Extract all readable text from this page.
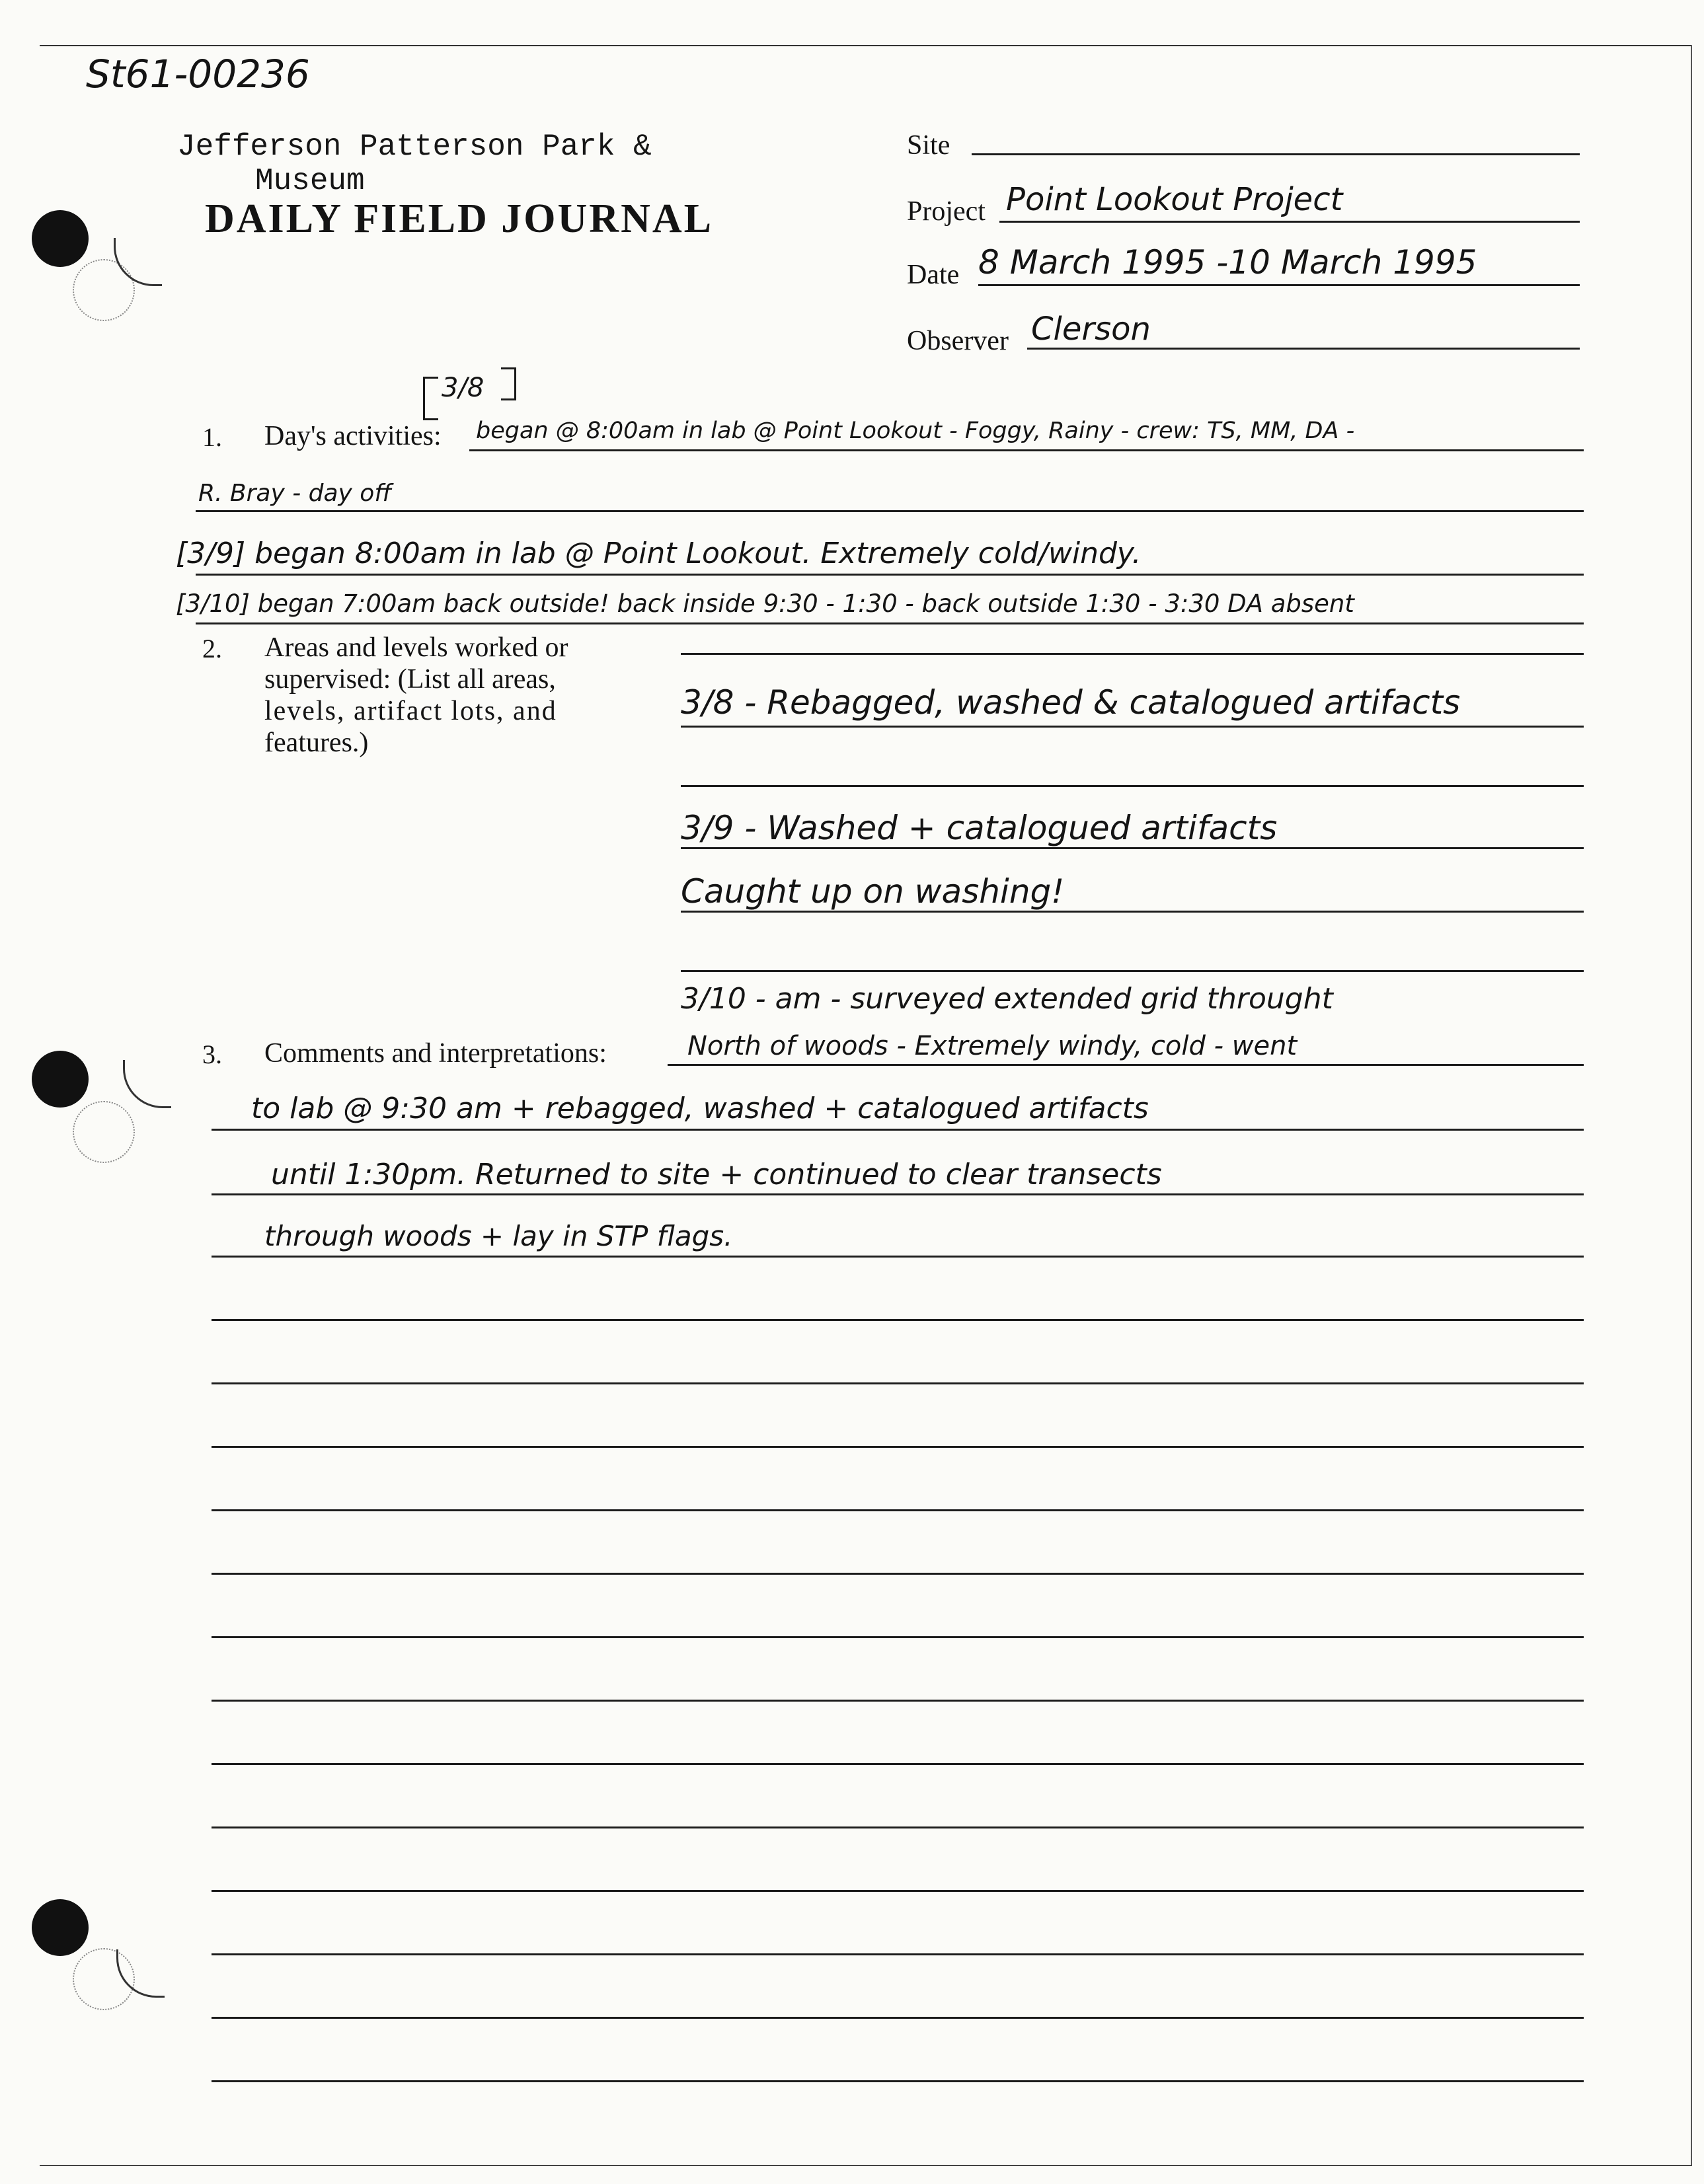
St61-00236
Jefferson Patterson Park &
Museum
DAILY FIELD JOURNAL
Site
Project Point Lookout Project
Date 8 March 1995 -10 March 1995
Observer Clerson
1. Day's activities:
3/8
began @ 8:00am in lab @ Point Lookout - Foggy, Rainy - crew: TS, MM, DA -
R. Bray - day off
[3/9] began 8:00am in lab @ Point Lookout. Extremely cold/windy.
[3/10] began 7:00am back outside! back inside 9:30 - 1:30 - back outside 1:30 - 3:30 DA absent
2. Areas and levels worked or
supervised: (List all areas,
levels, artifact lots, and
features.)
3/8 - Rebagged, washed & catalogued artifacts
3/9 - Washed + catalogued artifacts
Caught up on washing!
3/10 - am - surveyed extended grid throught
3. Comments and interpretations:	North of woods - Extremely windy, cold - went
to lab @ 9:30 am + rebagged, washed + catalogued artifacts
until 1:30pm. Returned to site + continued to clear transects
through woods + lay in STP flags.
